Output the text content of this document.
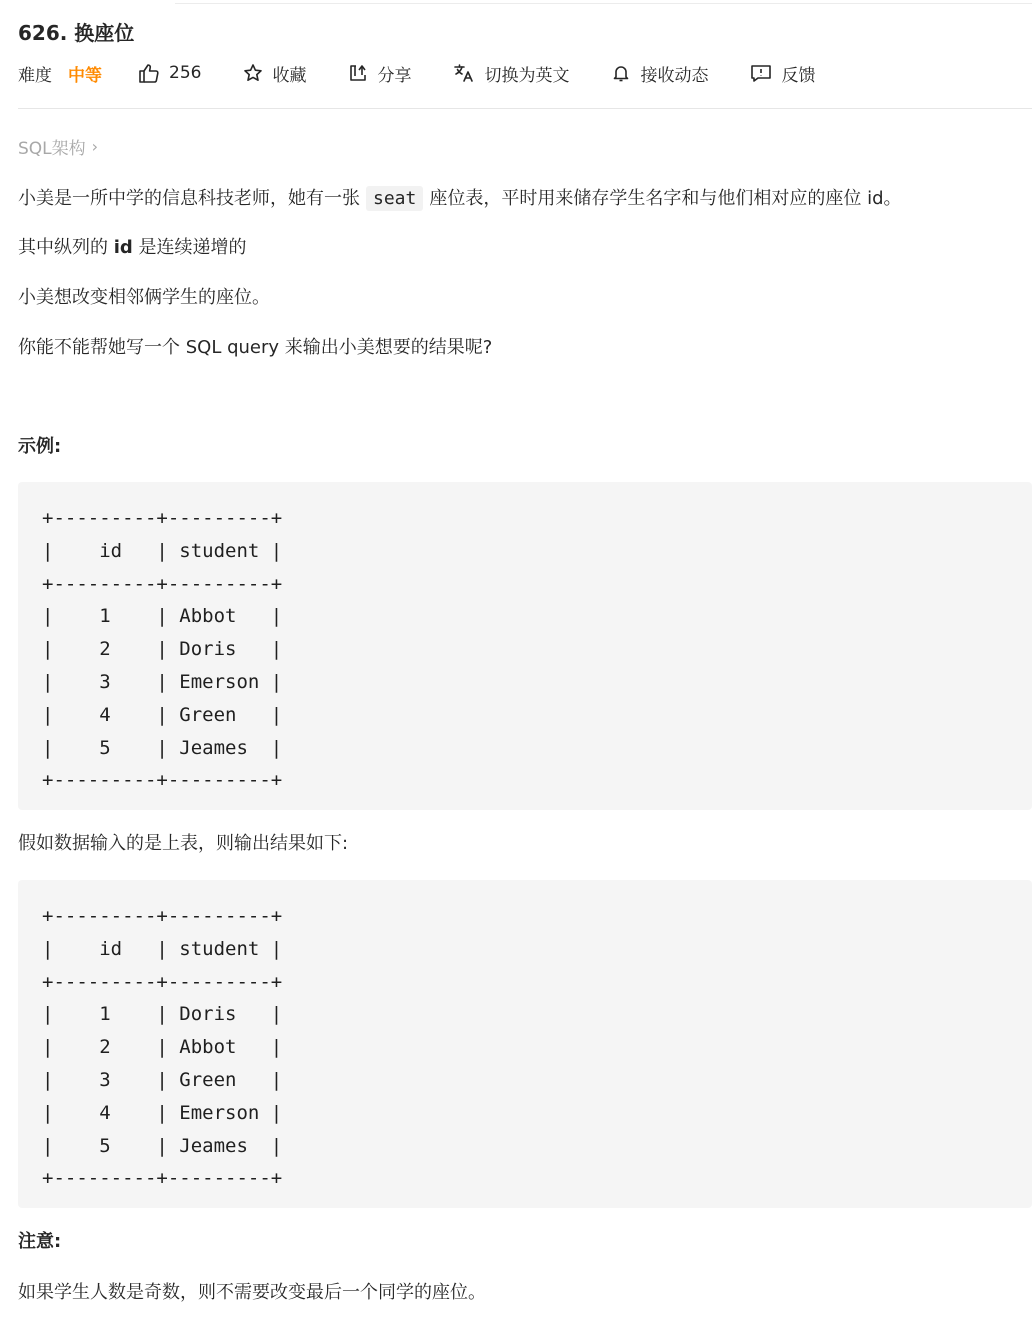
626. 换座位
难度 中等	256	收藏	分享	切换为英文	接收动态	反馈
SQL架构 ›
小美是一所中学的信息科技老师，她有一张 seat 座位表，平时用来储存学生名字和与他们相对应的座位 id。
其中纵列的 id 是连续递增的
小美想改变相邻俩学生的座位。
你能不能帮她写一个 SQL query 来输出小美想要的结果呢?
示例:
+---------+---------+
|    id   | student |
+---------+---------+
|    1    | Abbot   |
|    2    | Doris   |
|    3    | Emerson |
|    4    | Green   |
|    5    | Jeames  |
+---------+---------+
假如数据输入的是上表，则输出结果如下:
+---------+---------+
|    id   | student |
+---------+---------+
|    1    | Doris   |
|    2    | Abbot   |
|    3    | Green   |
|    4    | Emerson |
|    5    | Jeames  |
+---------+---------+
注意:
如果学生人数是奇数，则不需要改变最后一个同学的座位。
